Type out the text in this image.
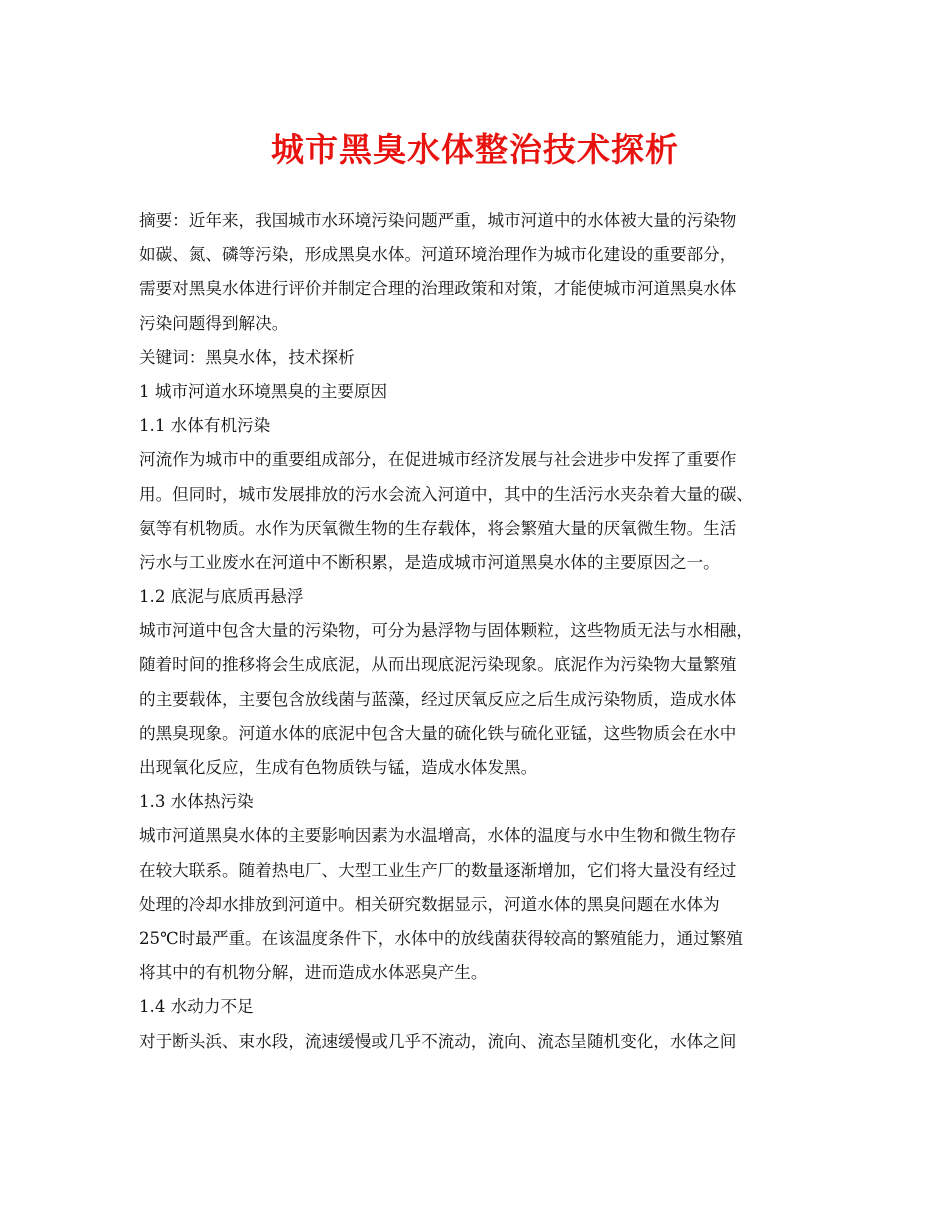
城市黑臭水体整治技术探析
摘要：近年来，我国城市水环境污染问题严重，城市河道中的水体被大量的污染物
如碳、氮、磷等污染，形成黑臭水体。河道环境治理作为城市化建设的重要部分，
需要对黑臭水体进行评价并制定合理的治理政策和对策，才能使城市河道黑臭水体
污染问题得到解决。
关键词：黑臭水体，技术探析
1 城市河道水环境黑臭的主要原因
1.1 水体有机污染
河流作为城市中的重要组成部分，在促进城市经济发展与社会进步中发挥了重要作
用。但同时，城市发展排放的污水会流入河道中，其中的生活污水夹杂着大量的碳、
氨等有机物质。水作为厌氧微生物的生存载体，将会繁殖大量的厌氧微生物。生活
污水与工业废水在河道中不断积累，是造成城市河道黑臭水体的主要原因之一。
1.2 底泥与底质再悬浮
城市河道中包含大量的污染物，可分为悬浮物与固体颗粒，这些物质无法与水相融，
随着时间的推移将会生成底泥，从而出现底泥污染现象。底泥作为污染物大量繁殖
的主要载体，主要包含放线菌与蓝藻，经过厌氧反应之后生成污染物质，造成水体
的黑臭现象。河道水体的底泥中包含大量的硫化铁与硫化亚锰，这些物质会在水中
出现氧化反应，生成有色物质铁与锰，造成水体发黑。
1.3 水体热污染
城市河道黑臭水体的主要影响因素为水温增高，水体的温度与水中生物和微生物存
在较大联系。随着热电厂、大型工业生产厂的数量逐渐增加，它们将大量没有经过
处理的冷却水排放到河道中。相关研究数据显示，河道水体的黑臭问题在水体为
25℃时最严重。在该温度条件下，水体中的放线菌获得较高的繁殖能力，通过繁殖
将其中的有机物分解，进而造成水体恶臭产生。
1.4 水动力不足
对于断头浜、束水段，流速缓慢或几乎不流动，流向、流态呈随机变化，水体之间
